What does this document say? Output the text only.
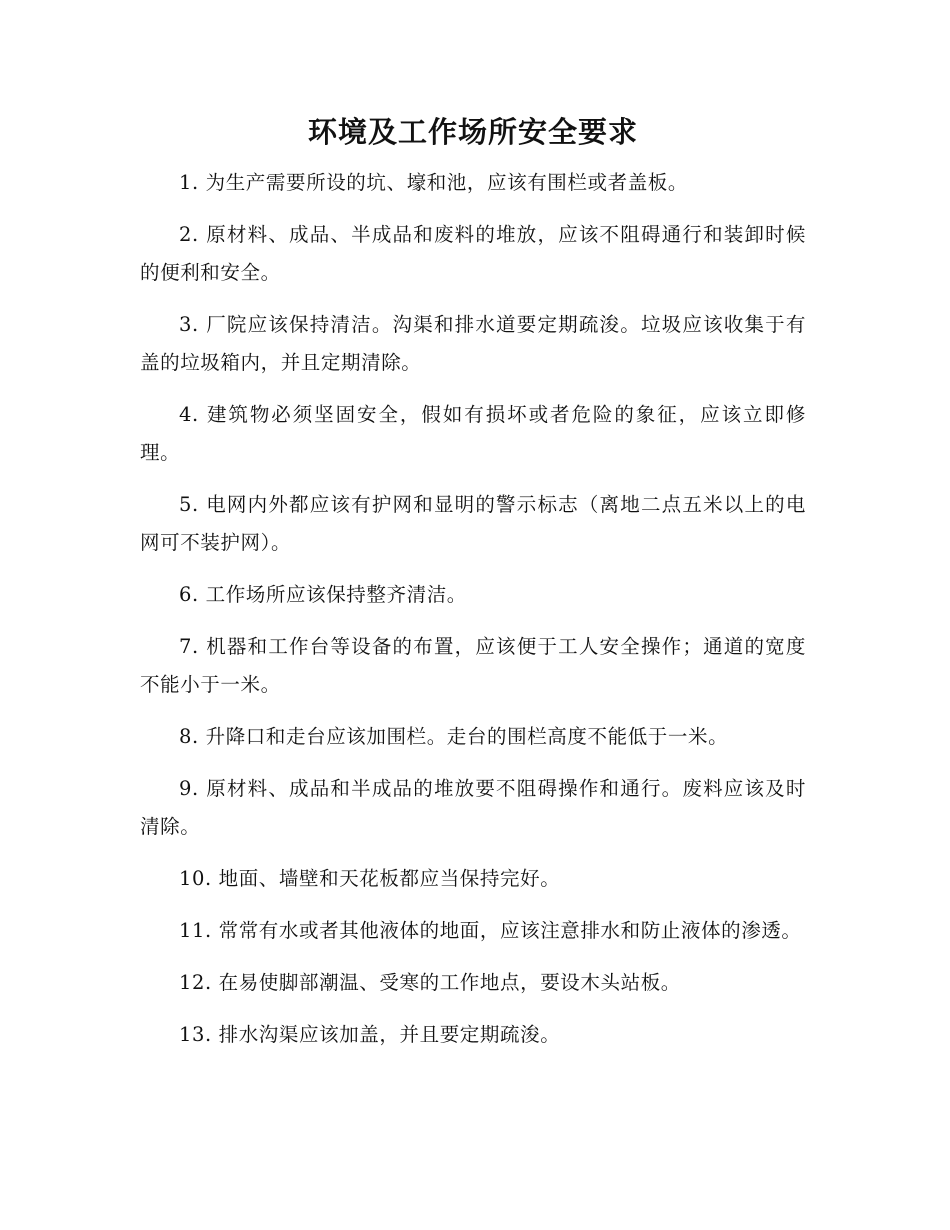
环境及工作场所安全要求

1. 为生产需要所设的坑、壕和池，应该有围栏或者盖板。

2. 原材料、成品、半成品和废料的堆放，应该不阻碍通行和装卸时候的便利和安全。

3. 厂院应该保持清洁。沟渠和排水道要定期疏浚。垃圾应该收集于有盖的垃圾箱内，并且定期清除。

4. 建筑物必须坚固安全，假如有损坏或者危险的象征，应该立即修理。

5. 电网内外都应该有护网和显明的警示标志（离地二点五米以上的电网可不装护网）。

6. 工作场所应该保持整齐清洁。

7. 机器和工作台等设备的布置，应该便于工人安全操作；通道的宽度不能小于一米。

8. 升降口和走台应该加围栏。走台的围栏高度不能低于一米。

9. 原材料、成品和半成品的堆放要不阻碍操作和通行。废料应该及时清除。

10. 地面、墙壁和天花板都应当保持完好。

11. 常常有水或者其他液体的地面，应该注意排水和防止液体的渗透。

12. 在易使脚部潮温、受寒的工作地点，要设木头站板。

13. 排水沟渠应该加盖，并且要定期疏浚。
